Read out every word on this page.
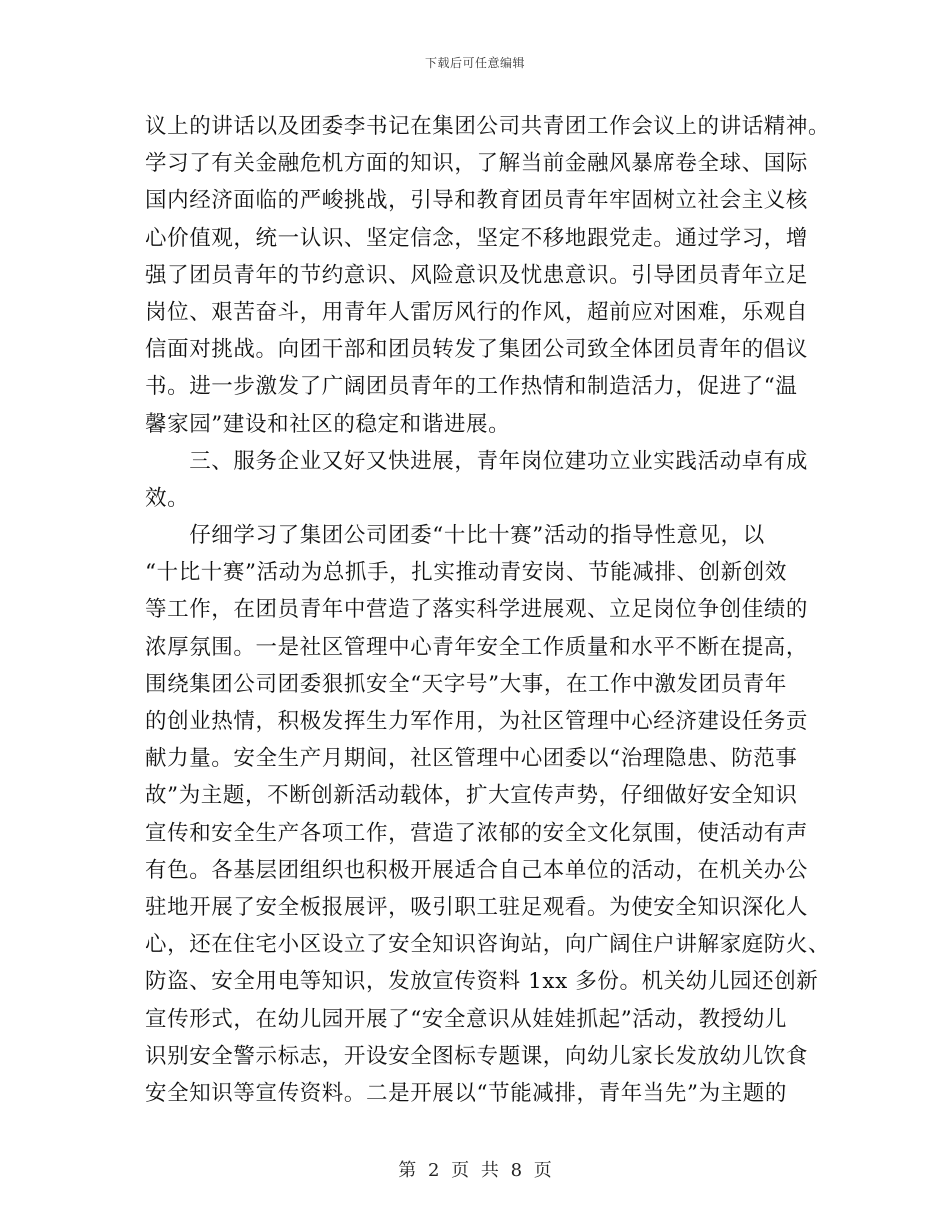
下载后可任意编辑
议上的讲话以及团委李书记在集团公司共青团工作会议上的讲话精神。
学习了有关金融危机方面的知识，了解当前金融风暴席卷全球、国际
国内经济面临的严峻挑战，引导和教育团员青年牢固树立社会主义核
心价值观，统一认识、坚定信念，坚定不移地跟党走。通过学习，增
强了团员青年的节约意识、风险意识及忧患意识。引导团员青年立足
岗位、艰苦奋斗，用青年人雷厉风行的作风，超前应对困难，乐观自
信面对挑战。向团干部和团员转发了集团公司致全体团员青年的倡议
书。进一步激发了广阔团员青年的工作热情和制造活力，促进了“温
馨家园”建设和社区的稳定和谐进展。
　　三、服务企业又好又快进展，青年岗位建功立业实践活动卓有成
效。
　　仔细学习了集团公司团委“十比十赛”活动的指导性意见，以
“十比十赛”活动为总抓手，扎实推动青安岗、节能减排、创新创效
等工作，在团员青年中营造了落实科学进展观、立足岗位争创佳绩的
浓厚氛围。一是社区管理中心青年安全工作质量和水平不断在提高，
围绕集团公司团委狠抓安全“天字号”大事，在工作中激发团员青年
的创业热情，积极发挥生力军作用，为社区管理中心经济建设任务贡
献力量。安全生产月期间，社区管理中心团委以“治理隐患、防范事
故”为主题，不断创新活动载体，扩大宣传声势，仔细做好安全知识
宣传和安全生产各项工作，营造了浓郁的安全文化氛围，使活动有声
有色。各基层团组织也积极开展适合自己本单位的活动，在机关办公
驻地开展了安全板报展评，吸引职工驻足观看。为使安全知识深化人
心，还在住宅小区设立了安全知识咨询站，向广阔住户讲解家庭防火、
防盗、安全用电等知识，发放宣传资料 1xx 多份。机关幼儿园还创新
宣传形式，在幼儿园开展了“安全意识从娃娃抓起”活动，教授幼儿
识别安全警示标志，开设安全图标专题课，向幼儿家长发放幼儿饮食
安全知识等宣传资料。二是开展以“节能减排，青年当先”为主题的
第 2 页 共 8 页
